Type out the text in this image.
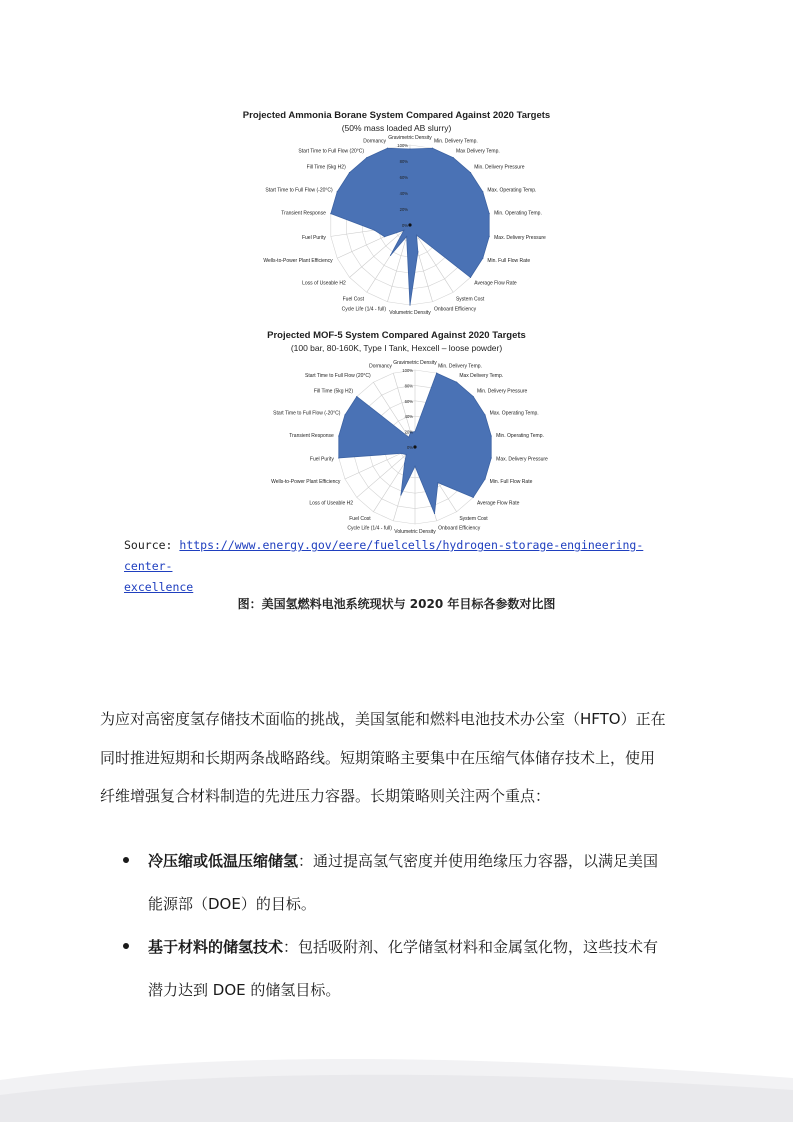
Projected Ammonia Borane System Compared Against 2020 Targets

(50% mass loaded AB slurry)

100%
80%
60%
40%
20%
0%
Gravimetric Density
Min. Delivery Temp.
Max Delivery Temp.
Min. Delivery Pressure
Max. Operating Temp.
Min. Operating Temp.
Max. Delivery Pressure
Min. Full Flow Rate
Average Flow Rate
System Cost
Onboard Efficiency
Volumetric Density
Cycle Life (1/4 - full)
Fuel Cost
Loss of Useable H2
Wells-to-Power Plant Efficiency
Fuel Purity
Transient Response
Start Time to Full Flow (-20°C)
Fill Time (5kg H2)
Start Time to Full Flow (20°C)
Dormancy

Projected MOF-5 System Compared Against 2020 Targets

(100 bar, 80-160K, Type I Tank, Hexcell – loose powder)

100%
80%
60%
40%
20%
0%
Gravimetric Density
Min. Delivery Temp.
Max Delivery Temp.
Min. Delivery Pressure
Max. Operating Temp.
Min. Operating Temp.
Max. Delivery Pressure
Min. Full Flow Rate
Average Flow Rate
System Cost
Onboard Efficiency
Volumetric Density
Cycle Life (1/4 - full)
Fuel Cost
Loss of Useable H2
Wells-to-Power Plant Efficiency
Fuel Purity
Transient Response
Start Time to Full Flow (-20°C)
Fill Time (5kg H2)
Start Time to Full Flow (20°C)
Dormancy
Source: https://www.energy.gov/eere/fuelcells/hydrogen-storage-engineering-center-
excellence
图：美国氢燃料电池系统现状与 2020 年目标各参数对比图
为应对高密度氢存储技术面临的挑战，美国氢能和燃料电池技术办公室（HFTO）正在
同时推进短期和长期两条战略路线。短期策略主要集中在压缩气体储存技术上，使用
纤维增强复合材料制造的先进压力容器。长期策略则关注两个重点：
冷压缩或低温压缩储氢：通过提高氢气密度并使用绝缘压力容器，以满足美国
能源部（DOE）的目标。
基于材料的储氢技术：包括吸附剂、化学储氢材料和金属氢化物，这些技术有
潜力达到 DOE 的储氢目标。
